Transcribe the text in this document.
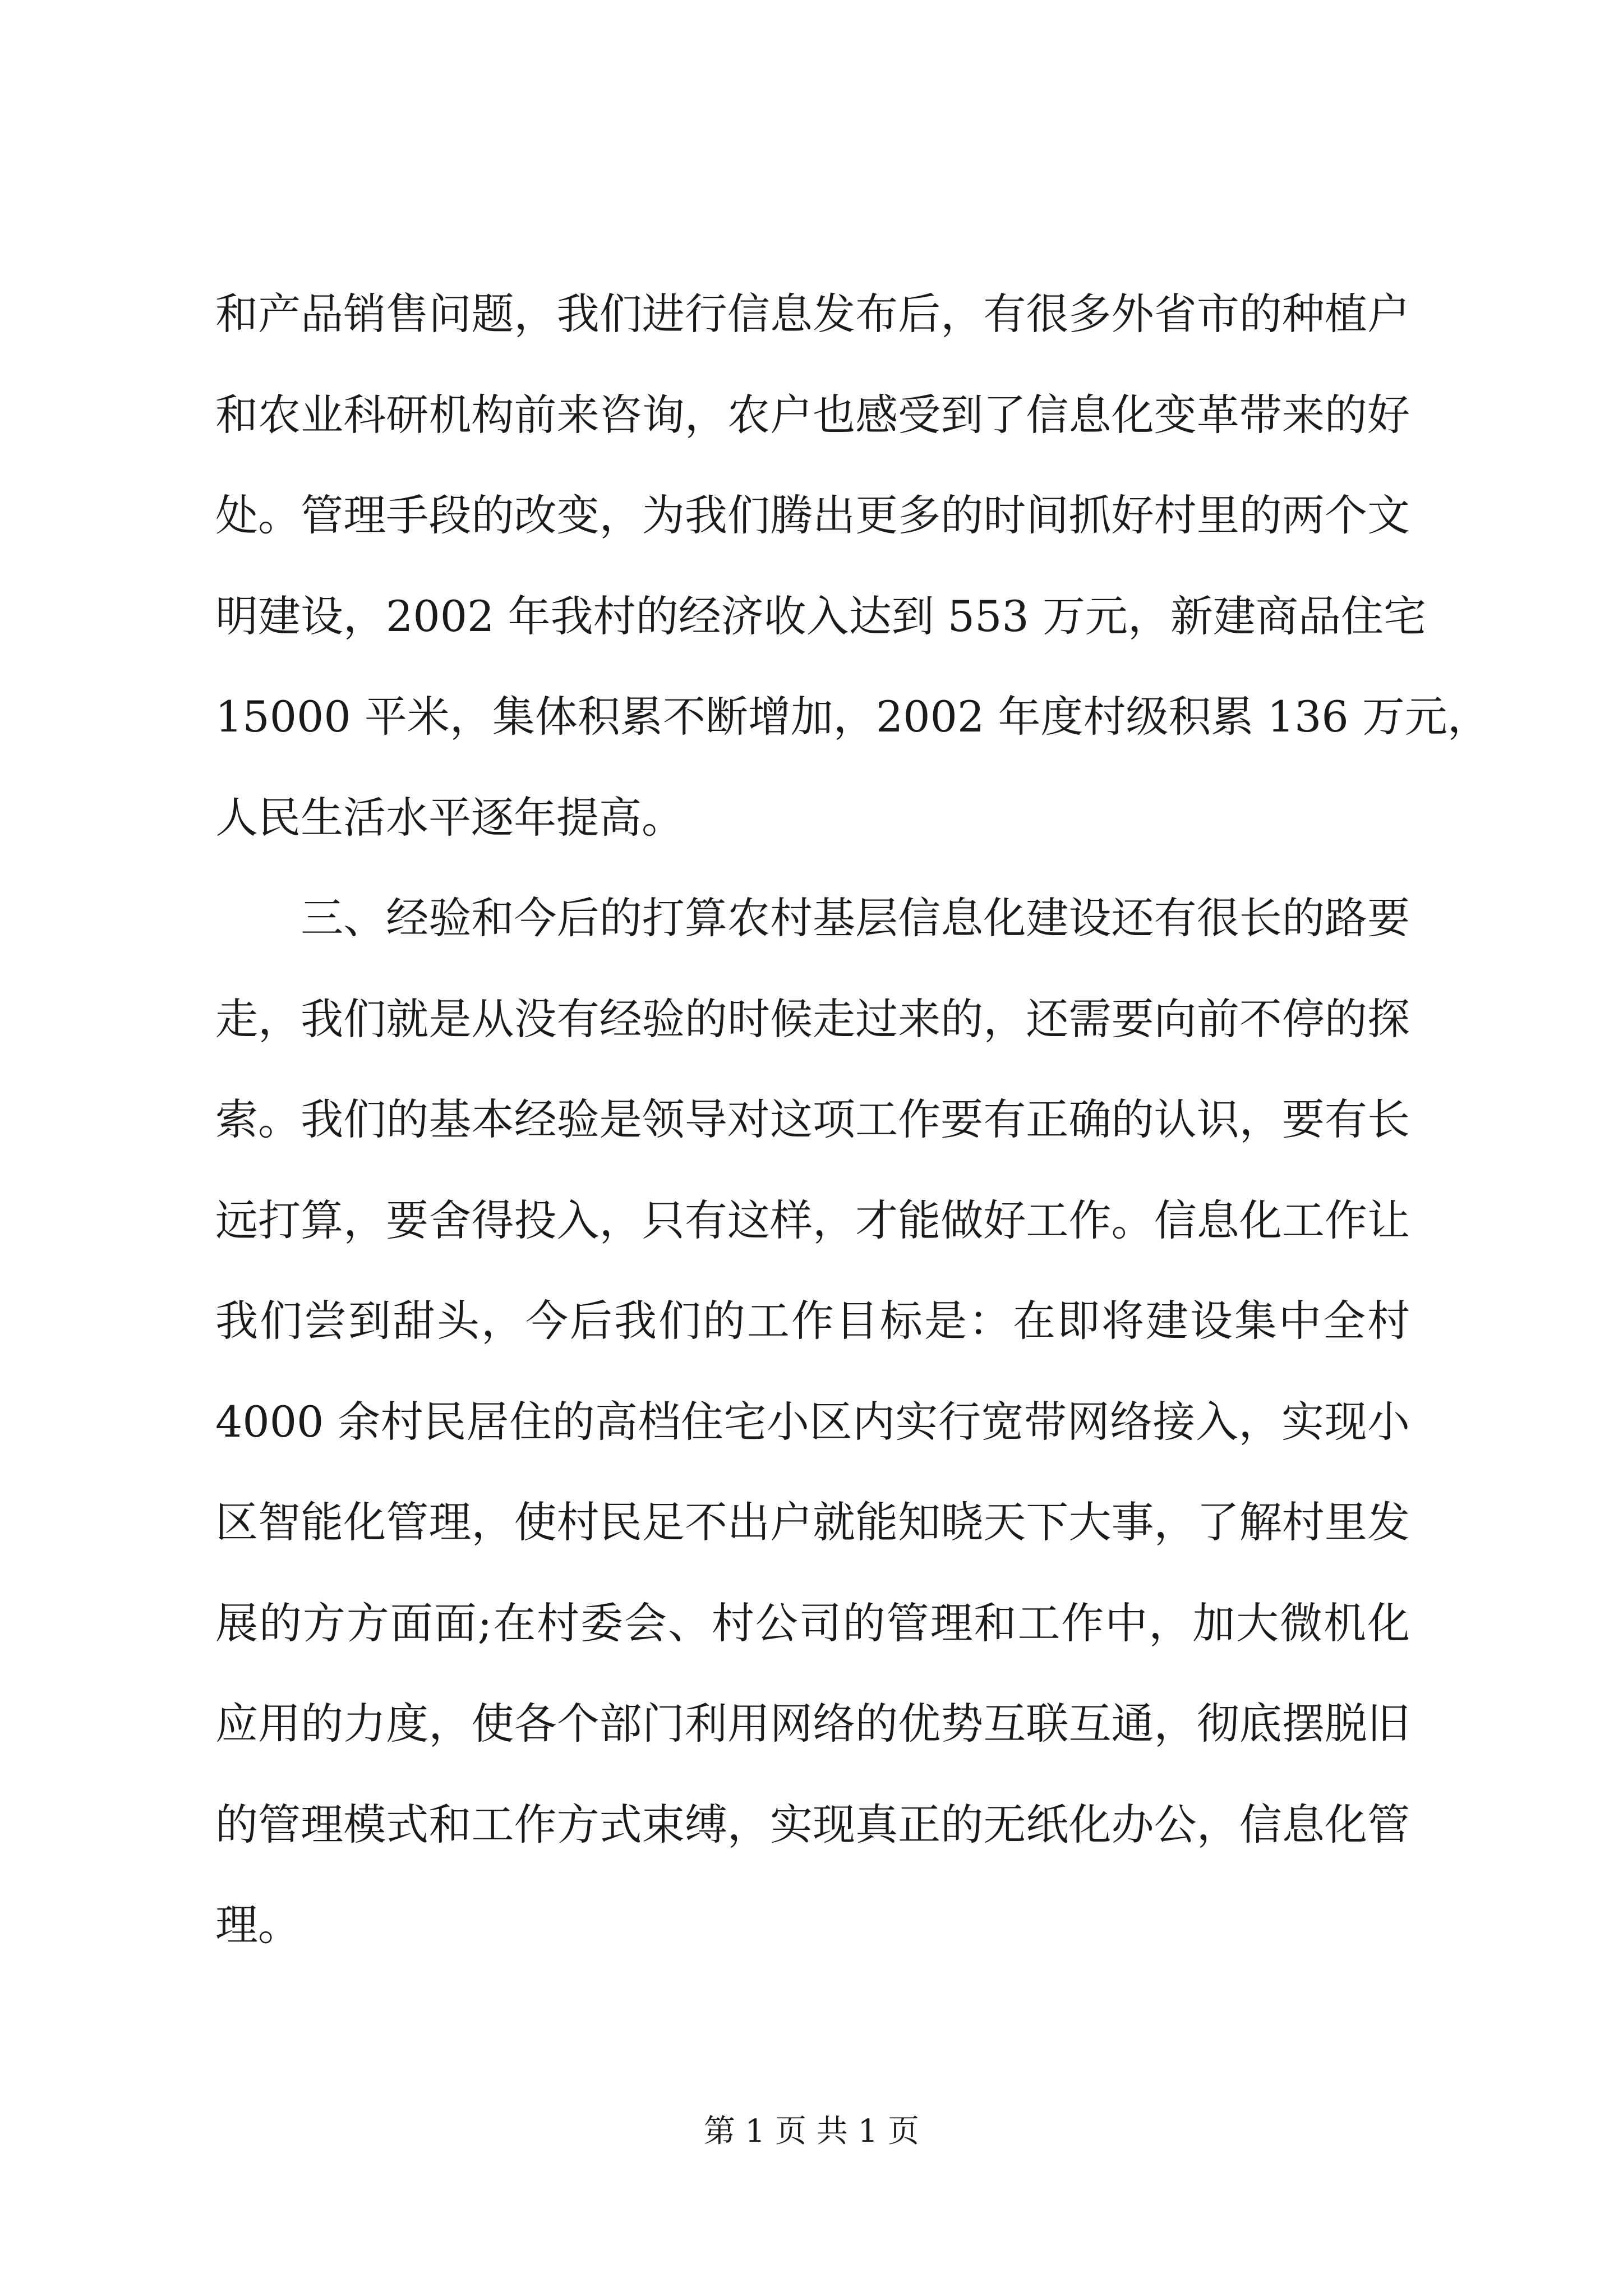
和产品销售问题，我们进行信息发布后，有很多外省市的种植户
和农业科研机构前来咨询，农户也感受到了信息化变革带来的好
处。管理手段的改变，为我们腾出更多的时间抓好村里的两个文
明建设，2002 年我村的经济收入达到 553 万元，新建商品住宅
15000 平米，集体积累不断增加，2002 年度村级积累 136 万元，
人民生活水平逐年提高。
　　三、经验和今后的打算农村基层信息化建设还有很长的路要
走，我们就是从没有经验的时候走过来的，还需要向前不停的探
索。我们的基本经验是领导对这项工作要有正确的认识，要有长
远打算，要舍得投入，只有这样，才能做好工作。信息化工作让
我们尝到甜头，今后我们的工作目标是：在即将建设集中全村
4000 余村民居住的高档住宅小区内实行宽带网络接入，实现小
区智能化管理，使村民足不出户就能知晓天下大事，了解村里发
展的方方面面;在村委会、村公司的管理和工作中，加大微机化
应用的力度，使各个部门利用网络的优势互联互通，彻底摆脱旧
的管理模式和工作方式束缚，实现真正的无纸化办公，信息化管
理。
第 1 页 共 1 页
